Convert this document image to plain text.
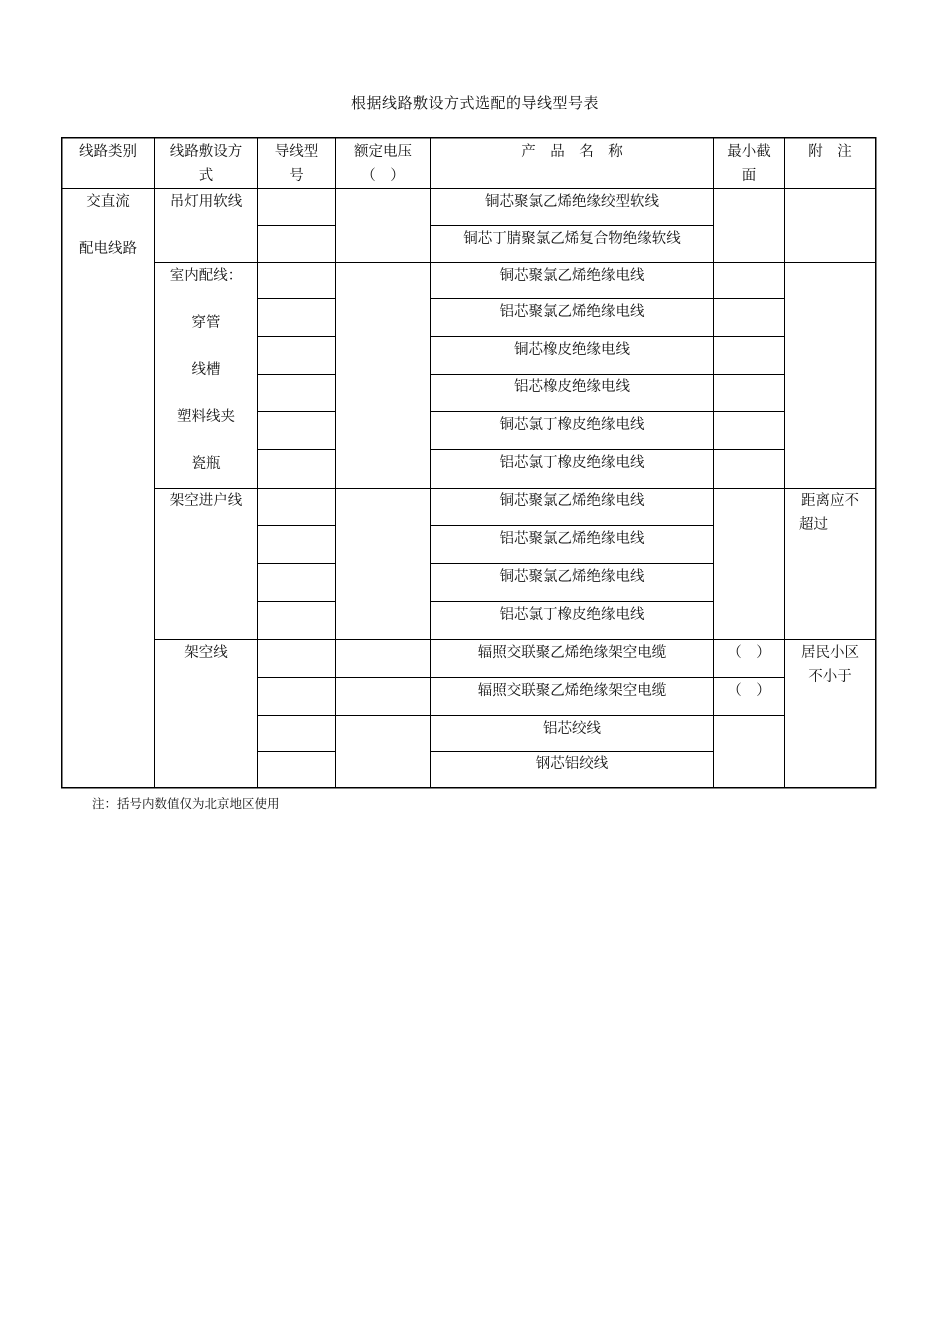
根据线路敷设方式选配的导线型号表
线路类别	线路敷设方
式
导线型
号
额定电压
（　）
产　品　名　称	最小截
面
附　注
交直流
配电线路
吊灯用软线
室内配线：
穿管
线槽
塑料线夹
瓷瓶
架空进户线
架空线
铜芯聚氯乙烯绝缘绞型软线
铜芯丁腈聚氯乙烯复合物绝缘软线
铜芯聚氯乙烯绝缘电线
铝芯聚氯乙烯绝缘电线
铜芯橡皮绝缘电线
铝芯橡皮绝缘电线
铜芯氯丁橡皮绝缘电线
铝芯氯丁橡皮绝缘电线
铜芯聚氯乙烯绝缘电线
铝芯聚氯乙烯绝缘电线
铜芯聚氯乙烯绝缘电线
铝芯氯丁橡皮绝缘电线
辐照交联聚乙烯绝缘架空电缆
辐照交联聚乙烯绝缘架空电缆
铝芯绞线
钢芯铝绞线
（　）
（　）
距离应不
超过
居民小区
不小于
注：括号内数值仅为北京地区使用
